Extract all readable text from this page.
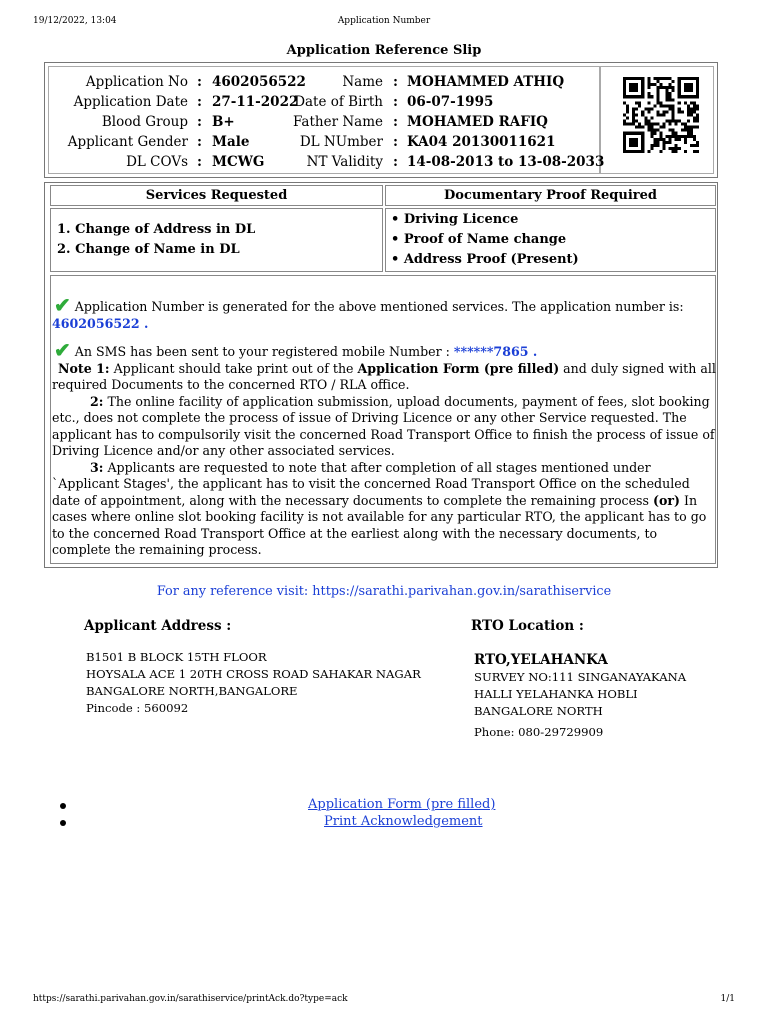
19/12/2022, 13:04	Application Number
Application Reference Slip
Application No : 4602056522
Application Date : 27-11-2022
Blood Group : B+
Applicant Gender : Male
DL COVs : MCWG
Name : MOHAMMED ATHIQ
Date of Birth : 06-07-1995
Father Name : MOHAMED RAFIQ
DL NUmber : KA04 20130011621
NT Validity : 14-08-2013 to 13-08-2033
Services Requested	Documentary Proof Required
1. Change of Address in DL
2. Change of Name in DL
• Driving Licence
• Proof of Name change
• Address Proof (Present)

✔ Application Number is generated for the above mentioned services. The application number is:

4602056522 .

✔ An SMS has been sent to your registered mobile Number : ******7865 .

Note 1: Applicant should take print out of the Application Form (pre filled) and duly signed with all required Documents to the concerned RTO / RLA office.

2: The online facility of application submission, upload documents, payment of fees, slot booking etc., does not complete the process of issue of Driving Licence or any other Service requested. The applicant has to compulsorily visit the concerned Road Transport Office to finish the process of issue of Driving Licence and/or any other associated services.

3: Applicants are requested to note that after completion of all stages mentioned under `Applicant Stages', the applicant has to visit the concerned Road Transport Office on the scheduled date of appointment, along with the necessary documents to complete the remaining process (or) In cases where online slot booking facility is not available for any particular RTO, the applicant has to go to the concerned Road Transport Office at the earliest along with the necessary documents, to complete the remaining process.

For any reference visit: https://sarathi.parivahan.gov.in/sarathiservice
Applicant Address :	RTO Location :
B1501 B BLOCK 15TH FLOOR
HOYSALA ACE 1 20TH CROSS ROAD SAHAKAR NAGAR
BANGALORE NORTH,BANGALORE
Pincode : 560092
RTO,YELAHANKA
SURVEY NO:111 SINGANAYAKANA
HALLI YELAHANKA HOBLI
BANGALORE NORTH
Phone: 080-29729909
Application Form (pre filled)
Print Acknowledgement
https://sarathi.parivahan.gov.in/sarathiservice/printAck.do?type=ack	1/1
